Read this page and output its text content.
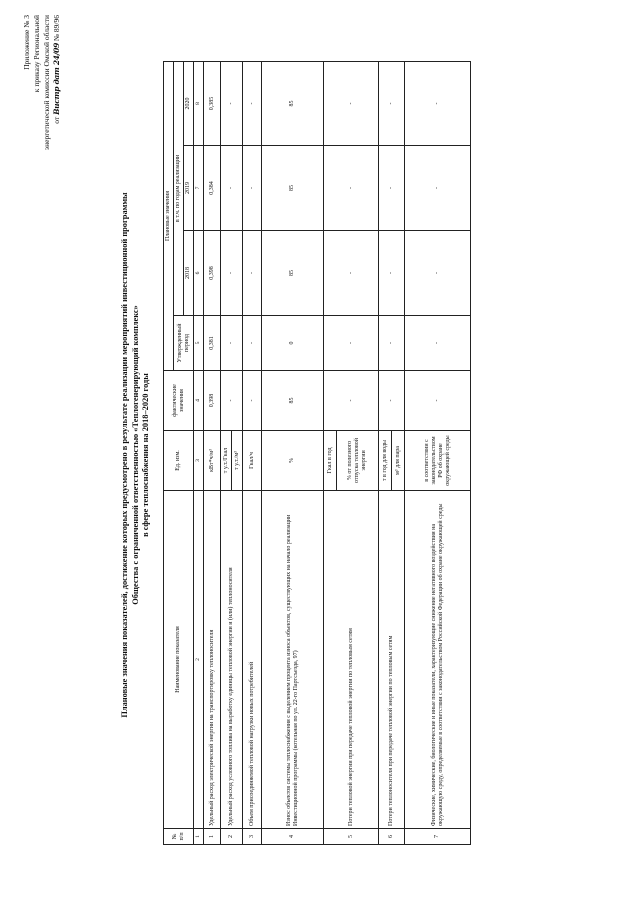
Приложение № 3 к приказу Региональной энергетической комиссии Омской области от Вистр дат 24/09 № 89/96
Плановые значения показателей, достижение которых предусмотрено в результате реализации мероприятий инвестиционной программы Общества с ограниченной ответственностью «Теплогенерирующий комплекс» в сфере теплоснабжения на 2018–2020 годы
№ п/п	Наименование показателя	Ед. изм.	фактические значения	Плановые значения			
				Утвержденный период	в т.ч. по годам реализации		
					2018	2019	2020
1	2	3	4	5	6	7	8
1	Удельный расход электрической энергии на транспортировку теплоносителя	кВт*ч/м³	0,398	0,381	0,398	0,384	0,385
2	Удельный расход условного топлива на выработку единицы тепловой энергии и (или) теплоносителя	т у.т./Гкал	-	-	-	-	-
		т у.т./м³					
3	Объем присоединяемой тепловой нагрузки новых потребителей	Гкал/ч	-	-	-	-	-
4	Износ объектов системы теплоснабжения с выделением процента износа объектов, существующих на начало реализации Инвестиционной программы (котельная по ул. 22-го Партсъезда, 97)	%	85	0	85	85	85
5	Потери тепловой энергии при передаче тепловой энергии по тепловым сетям	Гкал в год	-	-	-	-	-
		% от полезного отпуска тепловой энергии					
6	Потери теплоносителя при передаче тепловой энергии по тепловым сетям	т в год для воды	-	-	-	-	-
		м³ для пара					
7	Физические, химические, биологические и иные показатели, характеризующие снижение негативного воздействия на окружающую среду, определяемые в соответствии с законодательством Российской Федерации об охране окружающей среды	в соответствии с законодательством РФ об охране окружающей среды	-	-	-	-	-
